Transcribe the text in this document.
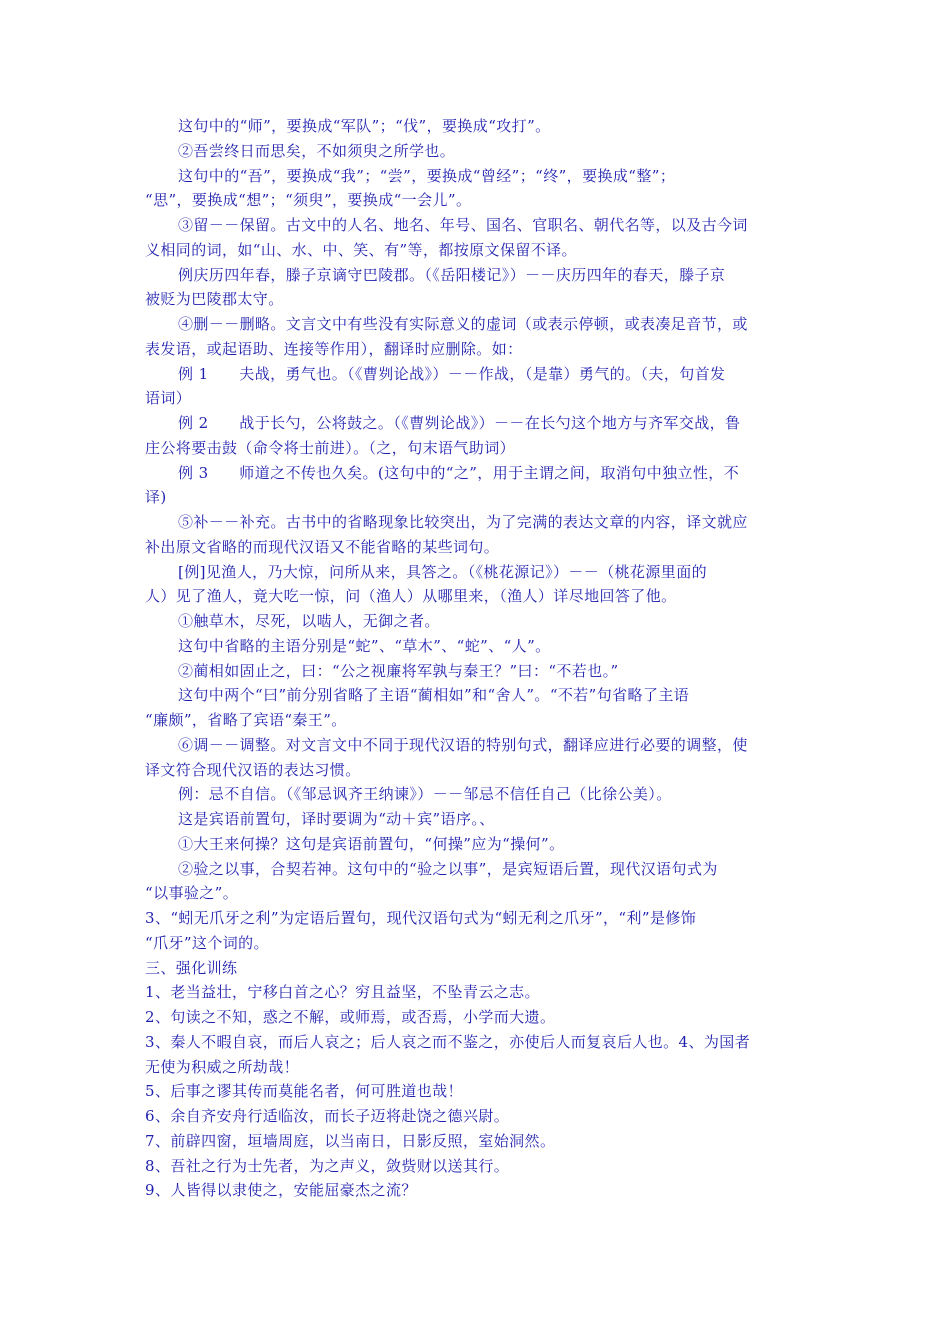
这句中的“师”，要换成“军队”；“伐”，要换成“攻打”。
②吾尝终日而思矣，不如须臾之所学也。
这句中的“吾”，要换成“我”；“尝”，要换成“曾经”；“终”，要换成“整”；
“思”，要换成“想”；“须臾”，要换成“一会儿”。
③留－－保留。古文中的人名、地名、年号、国名、官职名、朝代名等，以及古今词
义相同的词，如“山、水、中、笑、有”等，都按原文保留不译。
例庆历四年春，滕子京谪守巴陵郡。（《岳阳楼记》）－－庆历四年的春天，滕子京
被贬为巴陵郡太守。
④删－－删略。文言文中有些没有实际意义的虚词（或表示停顿，或表凑足音节，或
表发语，或起语助、连接等作用），翻译时应删除。如：
例 1　　夫战，勇气也。（《曹刿论战》）－－作战，（是靠）勇气的。（夫，句首发
语词）
例 2　　战于长勺，公将鼓之。（《曹刿论战》）－－在长勺这个地方与齐军交战，鲁
庄公将要击鼓（命令将士前进）。（之，句末语气助词）
例 3　　师道之不传也久矣。(这句中的“之”，用于主谓之间，取消句中独立性，不
译)
⑤补－－补充。古书中的省略现象比较突出，为了完满的表达文章的内容，译文就应
补出原文省略的而现代汉语又不能省略的某些词句。
[例]见渔人，乃大惊，问所从来，具答之。（《桃花源记》）－－（桃花源里面的
人）见了渔人，竟大吃一惊，问（渔人）从哪里来，（渔人）详尽地回答了他。
①触草木，尽死，以啮人，无御之者。
这句中省略的主语分别是“蛇”、“草木”、“蛇”、“人”。
②蔺相如固止之，曰：“公之视廉将军孰与秦王？”曰：“不若也。”
这句中两个“曰”前分别省略了主语“蔺相如”和“舍人”。“不若”句省略了主语
“廉颇”，省略了宾语“秦王”。
⑥调－－调整。对文言文中不同于现代汉语的特别句式，翻译应进行必要的调整，使
译文符合现代汉语的表达习惯。
例：忌不自信。（《邹忌讽齐王纳谏》）－－邹忌不信任自己（比徐公美）。
这是宾语前置句，译时要调为“动＋宾”语序。、
①大王来何操？这句是宾语前置句，“何操”应为“操何”。
②验之以事，合契若神。这句中的“验之以事”，是宾短语后置，现代汉语句式为
“以事验之”。
3、“蚓无爪牙之利”为定语后置句，现代汉语句式为“蚓无利之爪牙”，“利”是修饰
“爪牙”这个词的。
三、强化训练
1、老当益壮，宁移白首之心？穷且益坚，不坠青云之志。
2、句读之不知，惑之不解，或师焉，或否焉，小学而大遗。
3、秦人不暇自哀，而后人哀之；后人哀之而不鉴之，亦使后人而复哀后人也。4、为国者
无使为积威之所劫哉！
5、后事之谬其传而莫能名者，何可胜道也哉！
6、余自齐安舟行适临汝，而长子迈将赴饶之德兴尉。
7、前辟四窗，垣墙周庭，以当南日，日影反照，室始洞然。
8、吾社之行为士先者，为之声义，敛赀财以送其行。
9、人皆得以隶使之，安能屈豪杰之流？
